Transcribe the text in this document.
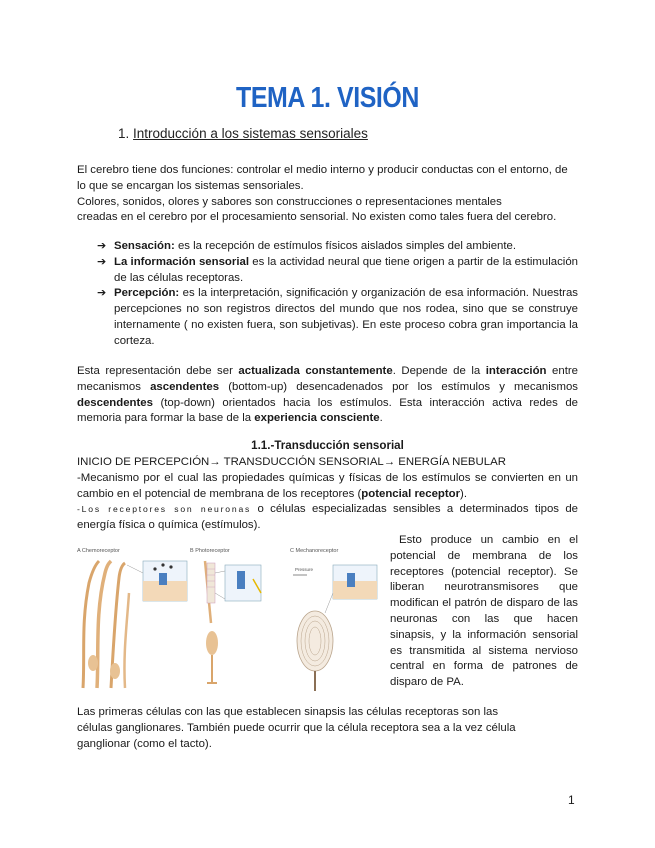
TEMA 1. VISIÓN
1. Introducción a los sistemas sensoriales
El cerebro tiene dos funciones: controlar el medio interno y producir conductas con el entorno, de lo que se encargan los sistemas sensoriales.
Colores, sonidos, olores y sabores son construcciones o representaciones mentales
creadas en el cerebro por el procesamiento sensorial. No existen como tales fuera del cerebro.
➔ Sensación: es la recepción de estímulos físicos aislados simples del ambiente.
➔ La información sensorial es la actividad neural que tiene origen a partir de la estimulación de las células receptoras.
➔ Percepción: es la interpretación, significación y organización de esa información. Nuestras percepciones no son registros directos del mundo que nos rodea, sino que se construye internamente ( no existen fuera, son subjetivas). En este proceso cobra gran importancia la corteza.
Esta representación debe ser actualizada constantemente. Depende de la interacción entre mecanismos ascendentes (bottom-up) desencadenados por los estímulos y mecanismos descendentes (top-down) orientados hacia los estímulos. Esta interacción activa redes de memoria para formar la base de la experiencia consciente.
1.1.-Transducción sensorial
INICIO DE PERCEPCIÓN→ TRANSDUCCIÓN SENSORIAL→ ENERGÍA NEBULAR
-Mecanismo por el cual las propiedades químicas y físicas de los estímulos se convierten en un cambio en el potencial de membrana de los receptores (potencial receptor).
-Los receptores son neuronas o células especializadas sensibles a determinados tipos de energía física o química (estímulos).
A Chemoreceptor	B Photoreceptor	C Mechanoreceptor
Pressure
Esto produce un cambio en el potencial de membrana de los receptores (potencial receptor). Se liberan neurotransmisores que modifican el patrón de disparo de las neuronas con las que hacen sinapsis, y la información sensorial es transmitida al sistema nervioso central en forma de patrones de disparo de PA.
Las primeras células con las que establecen sinapsis las células receptoras son las
células ganglionares. También puede ocurrir que la célula receptora sea a la vez célula
ganglionar (como el tacto).
1
